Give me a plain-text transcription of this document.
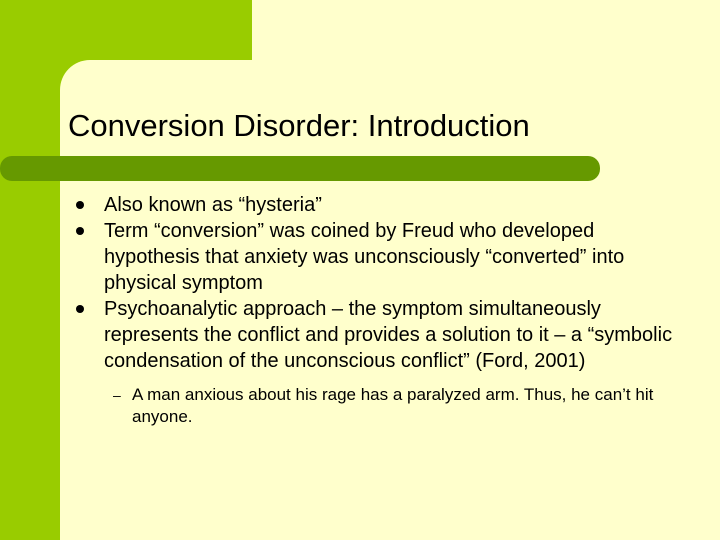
Conversion Disorder: Introduction
Also known as “hysteria”
Term “conversion” was coined by Freud who developed hypothesis that anxiety was unconsciously “converted” into physical symptom
Psychoanalytic approach – the symptom simultaneously represents the conflict and provides a solution to it – a “symbolic condensation of the unconscious conflict” (Ford, 2001)
– A man anxious about his rage has a paralyzed arm. Thus, he can’t hit anyone.
